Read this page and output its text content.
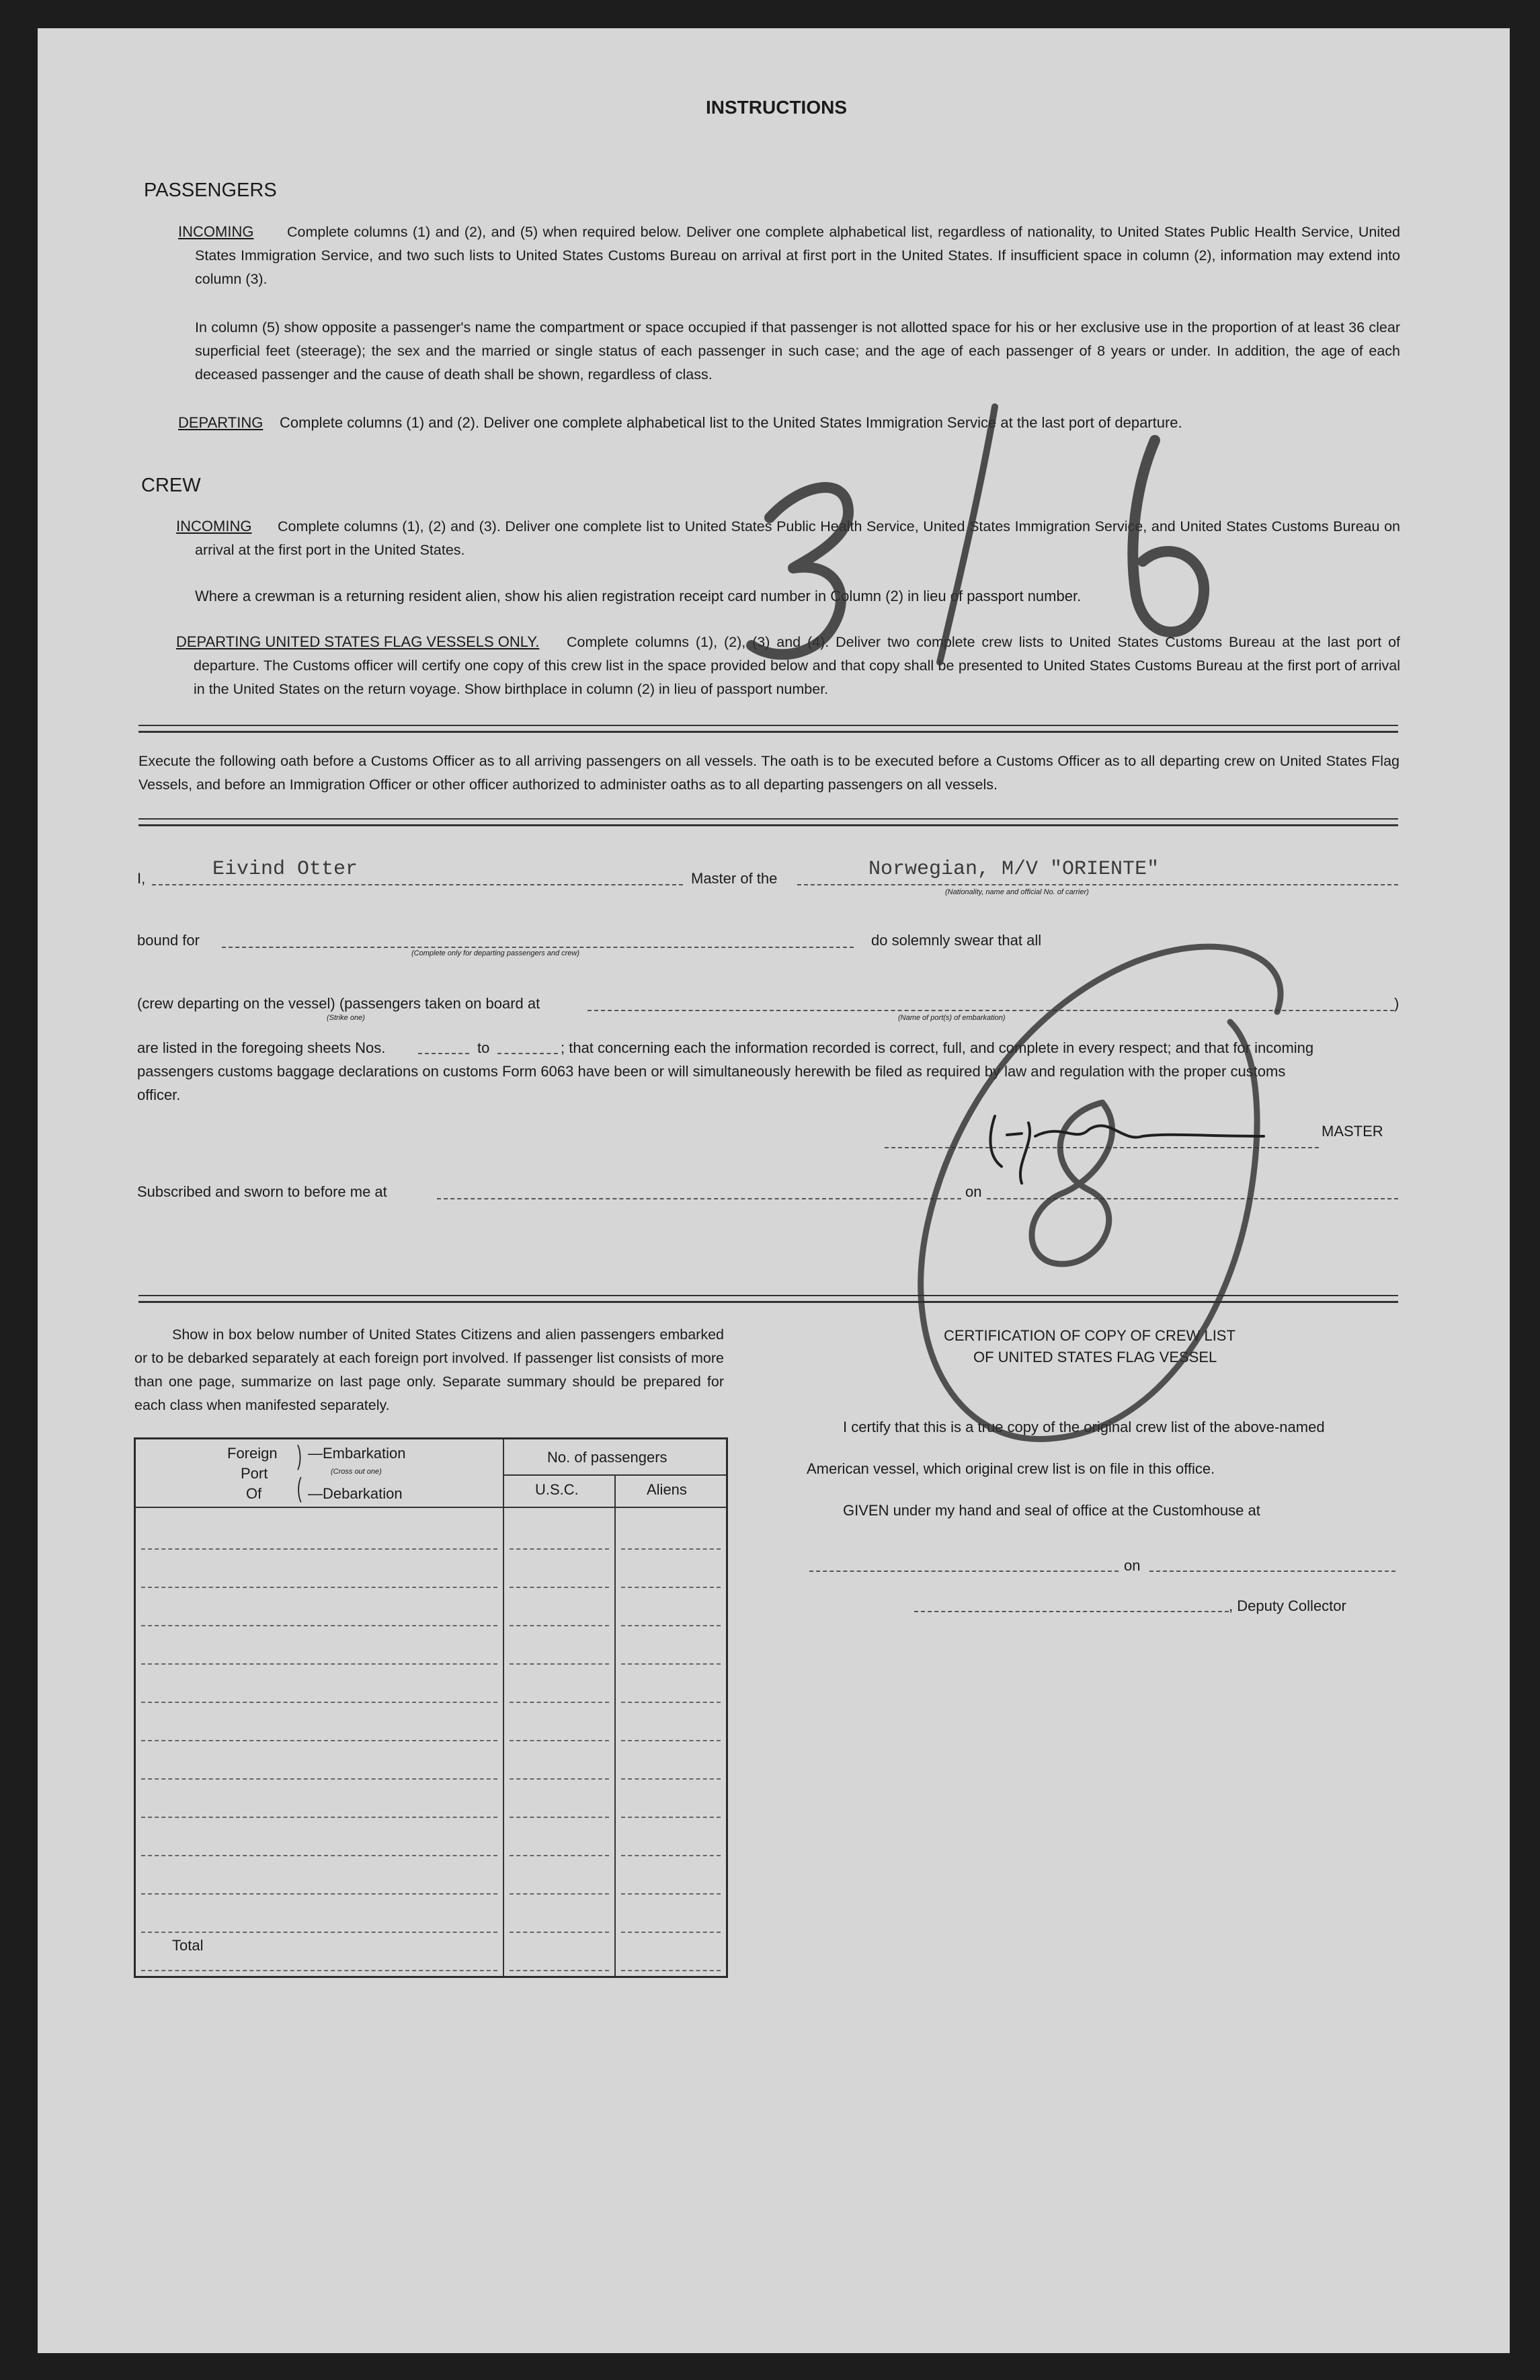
INSTRUCTIONS
PASSENGERS
INCOMING	Complete columns (1) and (2), and (5) when required below. Deliver one complete alphabetical list, regardless of nationality, to United States Public Health Service, United States Immigration Service, and two such lists to United States Customs Bureau on arrival at first port in the United States. If insufficient space in column (2), information may extend into column (3).
In column (5) show opposite a passenger's name the compartment or space occupied if that passenger is not allotted space for his or her exclusive use in the proportion of at least 36 clear superficial feet (steerage); the sex and the married or single status of each passenger in such case; and the age of each passenger of 8 years or under. In addition, the age of each deceased passenger and the cause of death shall be shown, regardless of class.
DEPARTING Complete columns (1) and (2). Deliver one complete alphabetical list to the United States Immigration Service at the last port of departure.
CREW
INCOMING	Complete columns (1), (2) and (3). Deliver one complete list to United States Public Health Service, United States Immigration Service, and United States Customs Bureau on arrival at the first port in the United States.
Where a crewman is a returning resident alien, show his alien registration receipt card number in Column (2) in lieu of passport number.
DEPARTING UNITED STATES FLAG VESSELS ONLY.	Complete columns (1), (2), (3) and (4). Deliver two complete crew lists to United States Customs Bureau at the last port of departure. The Customs officer will certify one copy of this crew list in the space provided below and that copy shall be presented to United States Customs Bureau at the first port of arrival in the United States on the return voyage. Show birthplace in column (2) in lieu of passport number.
Execute the following oath before a Customs Officer as to all arriving passengers on all vessels. The oath is to be executed before a Customs Officer as to all departing crew on United States Flag Vessels, and before an Immigration Officer or other officer authorized to administer oaths as to all departing passengers on all vessels.
I,	Eivind Otter	Master of the	Norwegian, M/V "ORIENTE"
(Nationality, name and official No. of carrier)
bound for
(Complete only for departing passengers and crew)
do solemnly swear that all
(crew departing on the vessel) (passengers taken on board at	)
(Strike one)	(Name of port(s) of embarkation)
are listed in the foregoing sheets Nos.	to	; that concerning each the information recorded is correct, full, and complete in every respect; and that for incoming
passengers customs baggage declarations on customs Form 6063 have been or will simultaneously herewith be filed as required by law and regulation with the proper customs
officer.
MASTER
Subscribed and sworn to before me at	on
Show in box below number of United States Citizens and alien passengers embarked or to be debarked separately at each foreign port involved. If passenger list consists of more than one page, summarize on last page only. Separate summary should be prepared for each class when manifested separately.
Foreign
Port
Of
)
(
—Embarkation
(Cross out one)
—Debarkation
No. of passengers
U.S.C.	Aliens
Total
CERTIFICATION OF COPY OF CREW LIST
OF UNITED STATES FLAG VESSEL
I certify that this is a true copy of the original crew list of the above-named
American vessel, which original crew list is on file in this office.
GIVEN under my hand and seal of office at the Customhouse at
on
, Deputy Collector
